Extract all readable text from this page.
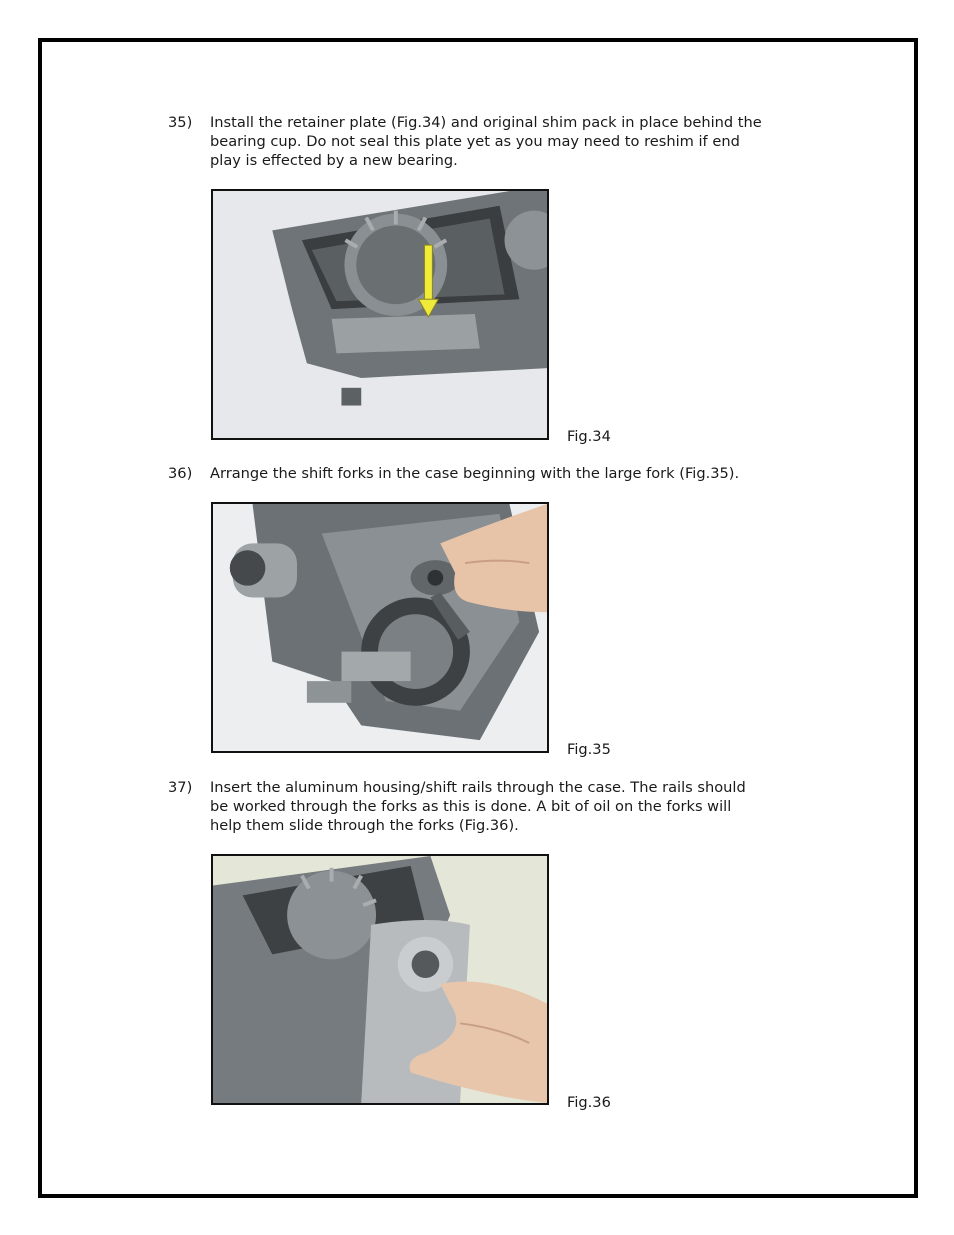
35) Install the retainer plate (Fig.34) and original shim pack in place behind the
bearing cup. Do not seal this plate yet as you may need to reshim if end
play is effected by a new bearing.
Fig.34
36) Arrange the shift forks in the case beginning with the large fork (Fig.35).
Fig.35
37) Insert the aluminum housing/shift rails through the case. The rails should
be worked through the forks as this is done. A bit of oil on the forks will
help them slide through the forks (Fig.36).
Fig.36
